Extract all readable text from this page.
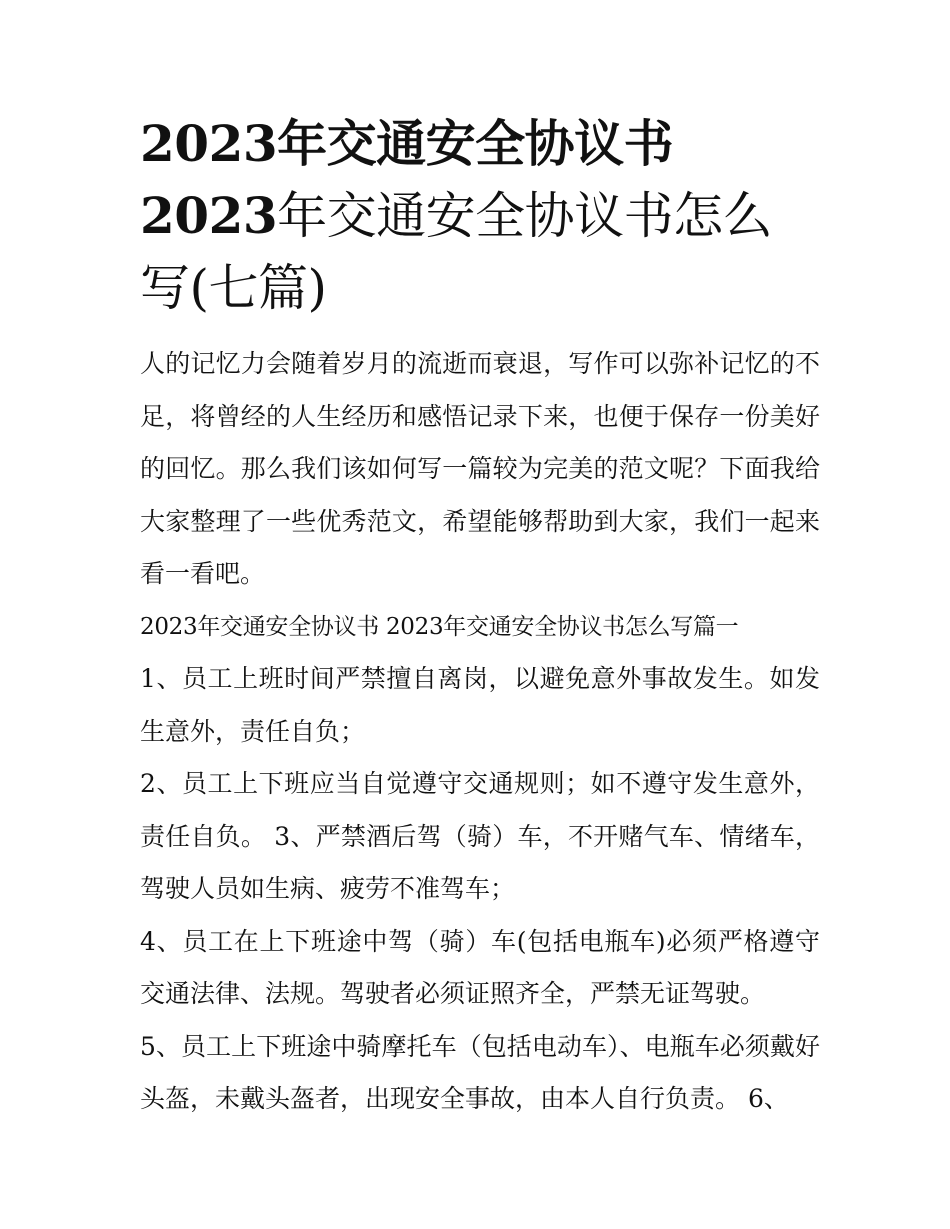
2023年交通安全协议书 2023年交通安全协议书怎么写(七篇)

人的记忆力会随着岁月的流逝而衰退，写作可以弥补记忆的不足，将曾经的人生经历和感悟记录下来，也便于保存一份美好的回忆。那么我们该如何写一篇较为完美的范文呢？下面我给大家整理了一些优秀范文，希望能够帮助到大家，我们一起来看一看吧。

2023年交通安全协议书 2023年交通安全协议书怎么写篇一

1、员工上班时间严禁擅自离岗，以避免意外事故发生。如发生意外，责任自负；

2、员工上下班应当自觉遵守交通规则；如不遵守发生意外，责任自负。 3、严禁酒后驾（骑）车，不开赌气车、情绪车，驾驶人员如生病、疲劳不准驾车；

4、员工在上下班途中驾（骑）车(包括电瓶车)必须严格遵守交通法律、法规。驾驶者必须证照齐全，严禁无证驾驶。

5、员工上下班途中骑摩托车（包括电动车）、电瓶车必须戴好头盔，未戴头盔者，出现安全事故，由本人自行负责。 6、
